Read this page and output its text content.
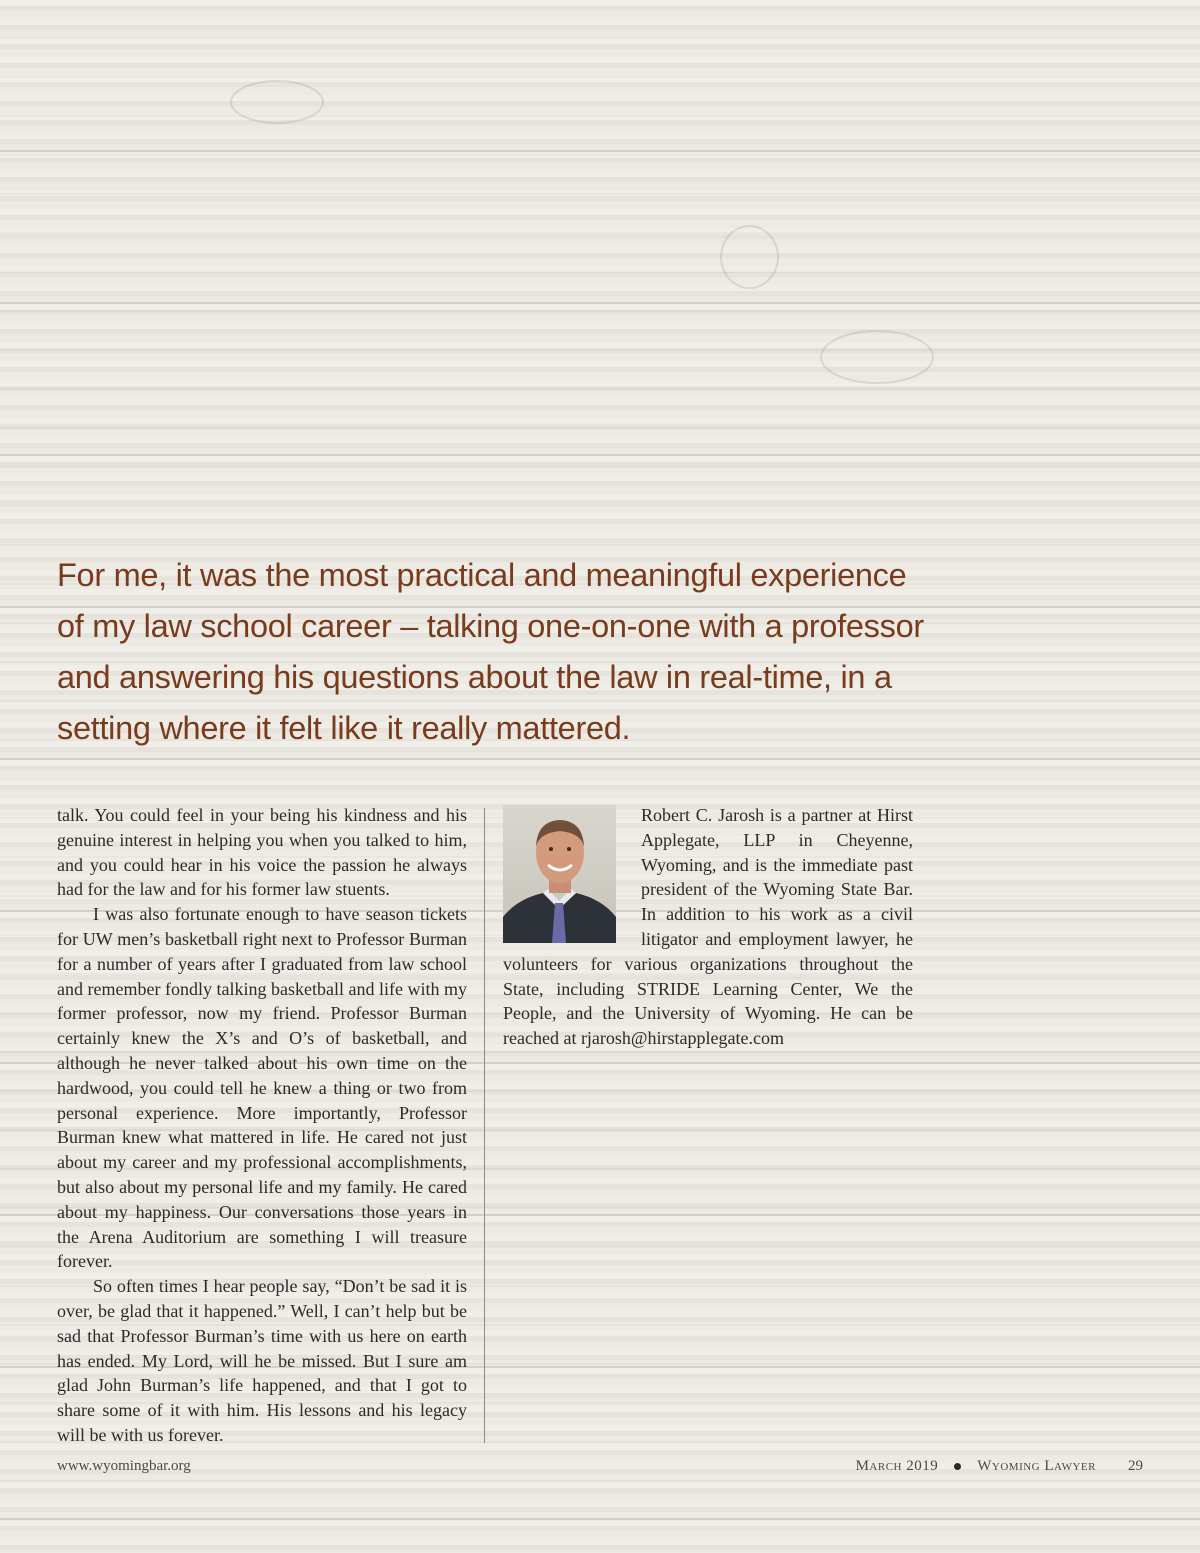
For me, it was the most practical and meaningful experience of my law school career – talking one-on-one with a professor and answering his questions about the law in real-time, in a setting where it felt like it really mattered.

talk. You could feel in your being his kindness and his genuine interest in helping you when you talked to him, and you could hear in his voice the passion he always had for the law and for his former law stuents.

I was also fortunate enough to have season tickets for UW men’s basketball right next to Professor Burman for a number of years after I graduated from law school and remember fondly talking basketball and life with my former professor, now my friend. Professor Burman certainly knew the X’s and O’s of basketball, and although he never talked about his own time on the hardwood, you could tell he knew a thing or two from personal experience. More importantly, Professor Burman knew what mattered in life. He cared not just about my career and my professional accomplishments, but also about my personal life and my family. He cared about my happiness. Our conversations those years in the Arena Auditorium are something I will treasure forever.

So often times I hear people say, “Don’t be sad it is over, be glad that it happened.” Well, I can’t help but be sad that Professor Burman’s time with us here on earth has ended. My Lord, will he be missed. But I sure am glad John Burman’s life happened, and that I got to share some of it with him. His lessons and his legacy will be with us forever.

Robert C. Jarosh is a partner at Hirst Applegate, LLP in Cheyenne, Wyoming, and is the immediate past president of the Wyoming State Bar. In addition to his work as a civil litigator and employment lawyer, he volunteers for various organizations throughout the State, including STRIDE Learning Center, We the People, and the University of Wyoming. He can be reached at rjarosh@hirstapplegate.com

www.wyomingbar.org	March 2019	Wyoming Lawyer 29
